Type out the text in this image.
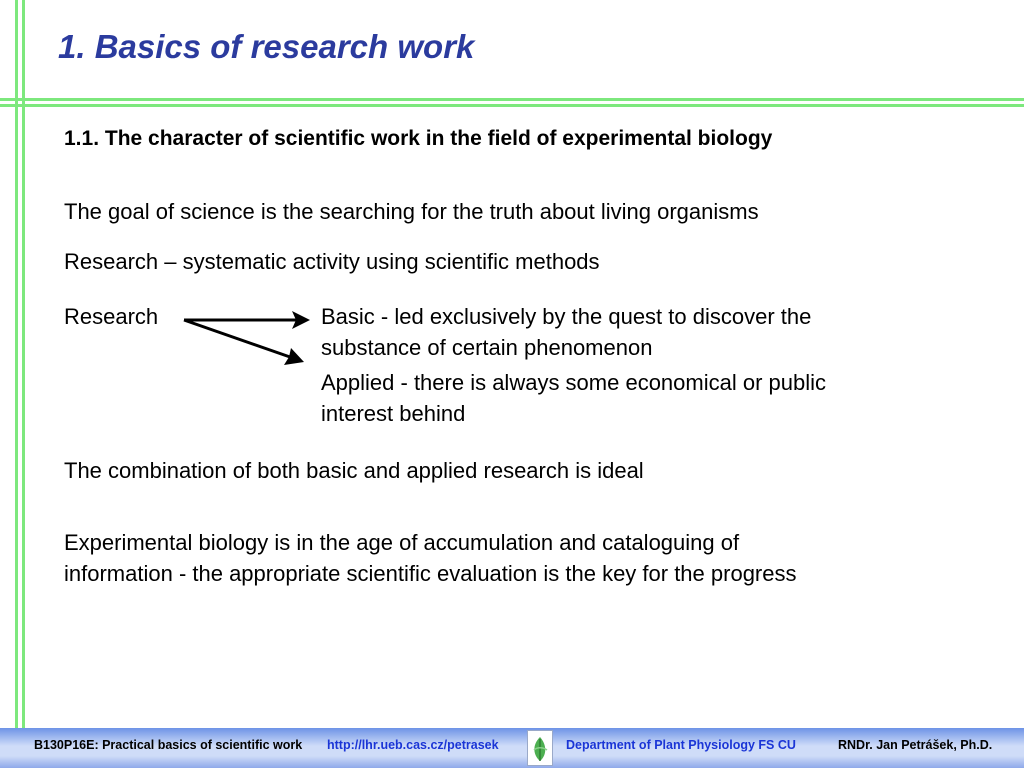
1. Basics of research work
1.1. The character of scientific work in the field of experimental biology

The goal of science is the searching for the truth about living organisms

Research – systematic activity using scientific methods

Research	Basic - led exclusively by the quest to discover the
substance of certain phenomenon
Applied - there is always some economical or public
interest behind

The combination of both basic and applied research is ideal

Experimental biology is in the age of accumulation and cataloguing of
information - the appropriate scientific evaluation is the key for the progress
B130P16E: Practical basics of scientific work http://lhr.ueb.cas.cz/petrasek	Department of Plant Physiology FS CU	RNDr. Jan Petrášek, Ph.D.
